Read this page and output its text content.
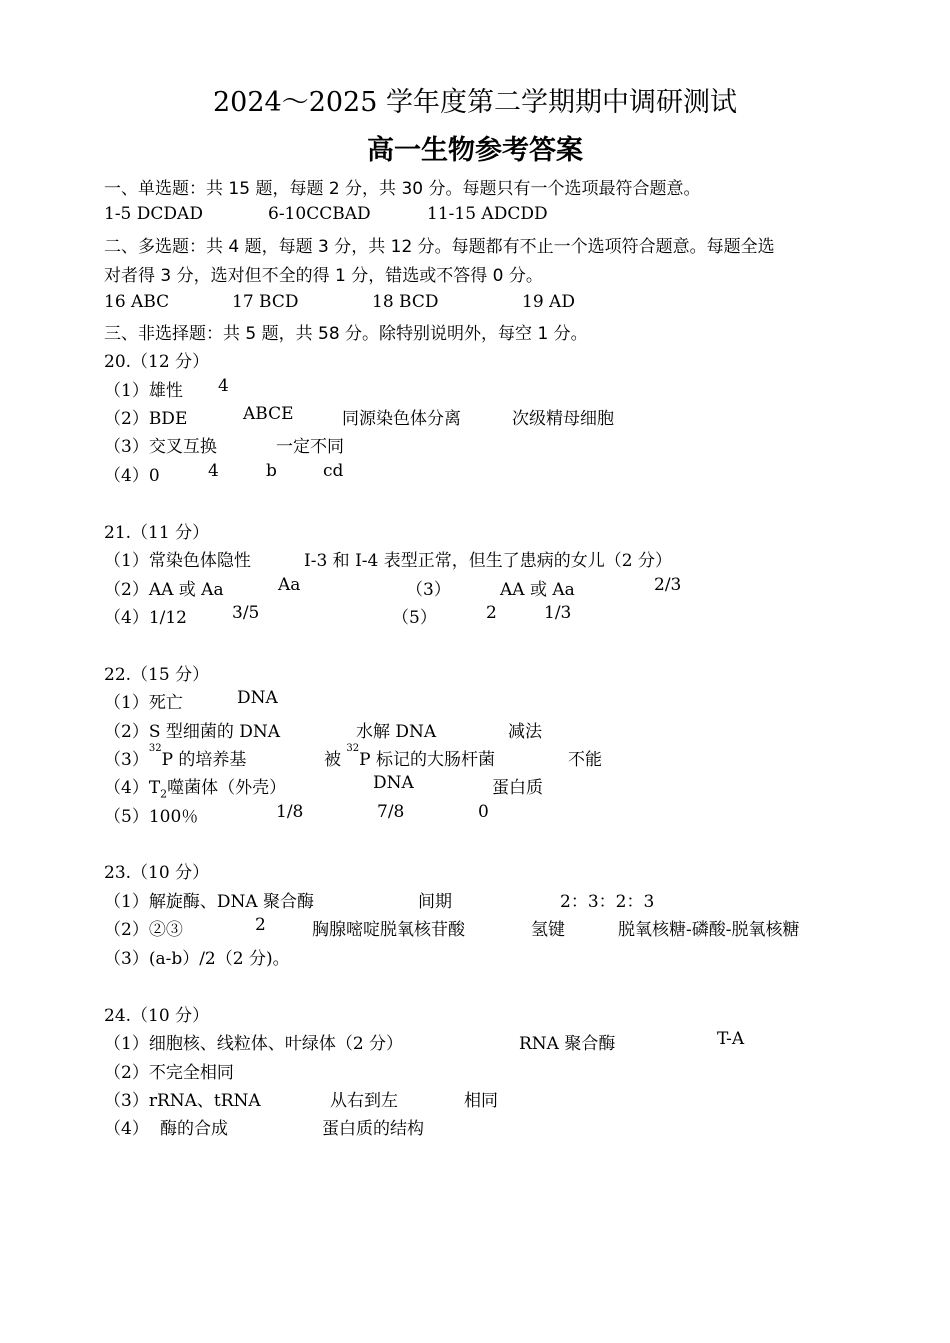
2024～2025 学年度第二学期期中调研测试
高一生物参考答案
一、单选题：共 15 题，每题 2 分，共 30 分。每题只有一个选项最符合题意。
1-5 DCDAD	6-10CCBAD	11-15 ADCDD
二、多选题：共 4 题，每题 3 分，共 12 分。每题都有不止一个选项符合题意。每题全选
对者得 3 分，选对但不全的得 1 分，错选或不答得 0 分。
16 ABC	17 BCD	18 BCD	19 AD
三、非选择题：共 5 题，共 58 分。除特别说明外，每空 1 分。
20.（12 分）
（1）雄性 4
（2）BDE	ABCE	同源染色体分离	次级精母细胞
（3）交叉互换	一定不同
（4）0	4	b	cd
21.（11 分）
（1）常染色体隐性	I-3 和 I-4 表型正常，但生了患病的女儿（2 分）
（2）AA 或 Aa	Aa	（3）	AA 或 Aa	2/3
（4）1/12	3/5	（5）	2	1/3
22.（15 分）
（1）死亡	DNA
（2）S 型细菌的 DNA	水解 DNA	减法
$(3)^{32}P$ 的培养基	被 $^{32}$P 标记的大肠杆菌	不能
$(4)T_2$噬菌体（外壳）	DNA	蛋白质
（5）100％	1/8	7/8	0
23.（10 分）
（1）解旋酶、DNA 聚合酶	间期	2：3：2：3
（2）②③	2	胸腺嘧啶脱氧核苷酸	氢键	脱氧核糖-磷酸-脱氧核糖
（3）(a-b）/2（2 分)。
24.（10 分）
（1）细胞核、线粒体、叶绿体（2 分）	RNA 聚合酶	T-A
（2）不完全相同
（3）rRNA、tRNA	从右到左	相同
（4） 酶的合成	蛋白质的结构
